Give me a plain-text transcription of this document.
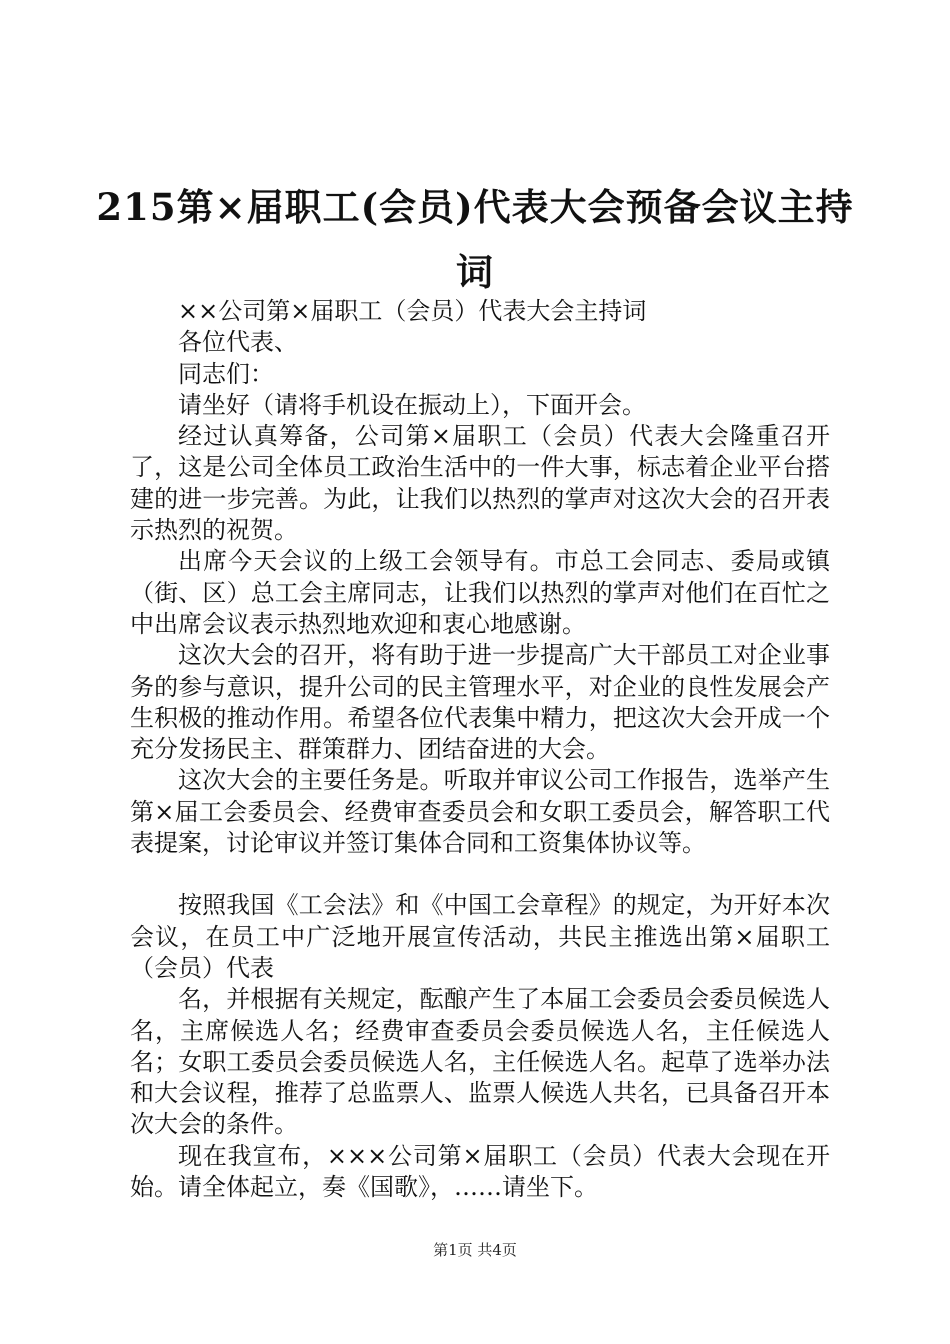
215第×届职工(会员)代表大会预备会议主持
词

××公司第×届职工（会员）代表大会主持词

各位代表、

同志们：

请坐好（请将手机设在振动上），下面开会。

经过认真筹备，公司第×届职工（会员）代表大会隆重召开了，这是公司全体员工政治生活中的一件大事，标志着企业平台搭建的进一步完善。为此，让我们以热烈的掌声对这次大会的召开表示热烈的祝贺。

出席今天会议的上级工会领导有。市总工会同志、委局或镇（街、区）总工会主席同志，让我们以热烈的掌声对他们在百忙之中出席会议表示热烈地欢迎和衷心地感谢。

这次大会的召开，将有助于进一步提高广大干部员工对企业事务的参与意识，提升公司的民主管理水平，对企业的良性发展会产生积极的推动作用。希望各位代表集中精力，把这次大会开成一个充分发扬民主、群策群力、团结奋进的大会。

这次大会的主要任务是。听取并审议公司工作报告，选举产生第×届工会委员会、经费审查委员会和女职工委员会，解答职工代表提案，讨论审议并签订集体合同和工资集体协议等。

按照我国《工会法》和《中国工会章程》的规定，为开好本次会议，在员工中广泛地开展宣传活动，共民主推选出第×届职工（会员）代表

名，并根据有关规定，酝酿产生了本届工会委员会委员候选人名，主席候选人名；经费审查委员会委员候选人名，主任候选人名；女职工委员会委员候选人名，主任候选人名。起草了选举办法和大会议程，推荐了总监票人、监票人候选人共名，已具备召开本次大会的条件。

现在我宣布，×××公司第×届职工（会员）代表大会现在开始。请全体起立，奏《国歌》，……请坐下。

第1页 共4页
